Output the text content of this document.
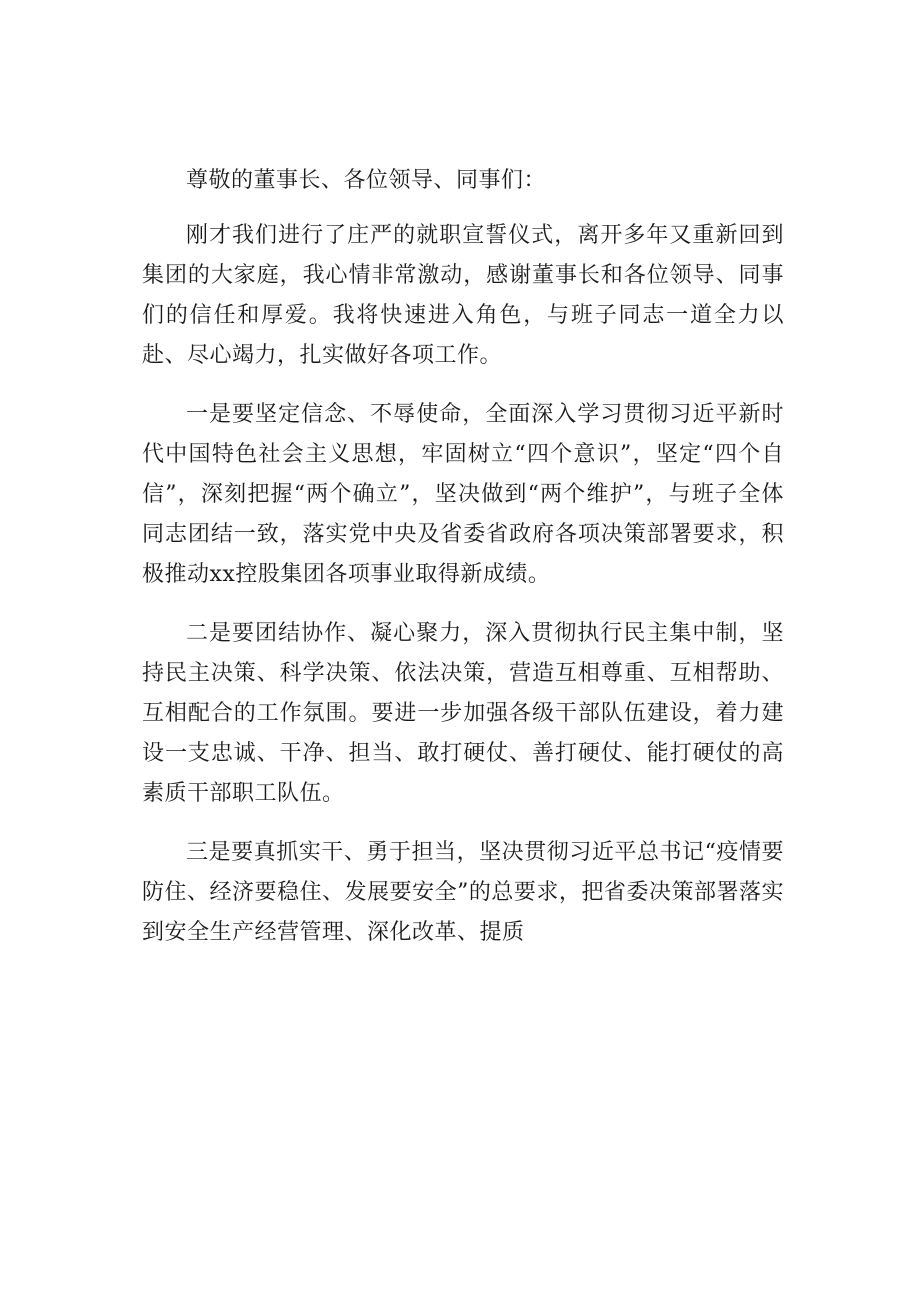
尊敬的董事长、各位领导、同事们：

刚才我们进行了庄严的就职宣誓仪式，离开多年又重新回到集团的大家庭，我心情非常激动，感谢董事长和各位领导、同事们的信任和厚爱。我将快速进入角色，与班子同志一道全力以赴、尽心竭力，扎实做好各项工作。

一是要坚定信念、不辱使命，全面深入学习贯彻习近平新时代中国特色社会主义思想，牢固树立“四个意识”，坚定“四个自信”，深刻把握“两个确立”，坚决做到“两个维护”，与班子全体同志团结一致，落实党中央及省委省政府各项决策部署要求，积极推动xx控股集团各项事业取得新成绩。

二是要团结协作、凝心聚力，深入贯彻执行民主集中制，坚持民主决策、科学决策、依法决策，营造互相尊重、互相帮助、互相配合的工作氛围。要进一步加强各级干部队伍建设，着力建设一支忠诚、干净、担当、敢打硬仗、善打硬仗、能打硬仗的高素质干部职工队伍。

三是要真抓实干、勇于担当，坚决贯彻习近平总书记“疫情要防住、经济要稳住、发展要安全”的总要求，把省委决策部署落实到安全生产经营管理、深化改革、提质
